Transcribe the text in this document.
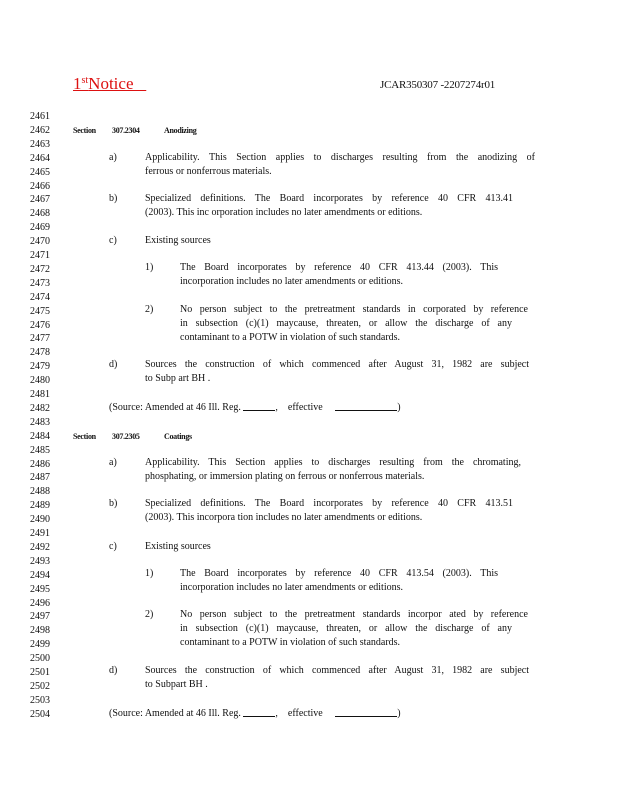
1stNotice	JCAR350307 -2207274r01
2461
2462
2463
2464
2465
2466
2467
2468
2469
2470
2471
2472
2473
2474
2475
2476
2477
2478
2479
2480
2481
2482
2483
2484
2485
2486
2487
2488
2489
2490
2491
2492
2493
2494
2495
2496
2497
2498
2499
2500
2501
2502
2503
2504
Section 307.2304	Anodizing
a)	Applicability. This Section applies to discharges resulting from the anodizing of
ferrous or nonferrous materials.
b)	Specialized definitions. The Board incorporates by reference 40 CFR 413.41
(2003). This inc orporation includes no later amendments or editions.
c)	Existing sources
1)	The Board incorporates by reference 40 CFR 413.44 (2003). This
incorporation includes no later amendments or editions.
2)	No person subject to the pretreatment standards in corporated by reference
in subsection (c)(1) maycause, threaten, or allow the discharge of any
contaminant to a POTW in violation of such standards.
d)	Sources the construction of which commenced after August 31, 1982 are subject
to Subp art BH .
(Source: Amended at 46 Ill. Reg.	, effective	)
Section 307.2305	Coatings
a)	Applicability. This Section applies to discharges resulting from the chromating,
phosphating, or immersion plating on ferrous or nonferrous materials.
b)	Specialized definitions. The Board incorporates by reference 40 CFR 413.51
(2003). This incorpora tion includes no later amendments or editions.
c)	Existing sources
1)	The Board incorporates by reference 40 CFR 413.54 (2003). This
incorporation includes no later amendments or editions.
2)	No person subject to the pretreatment standards incorpor ated by reference
in subsection (c)(1) maycause, threaten, or allow the discharge of any
contaminant to a POTW in violation of such standards.
d)	Sources the construction of which commenced after August 31, 1982 are subject
to Subpart BH .
(Source: Amended at 46 Ill. Reg.	, effective	)
